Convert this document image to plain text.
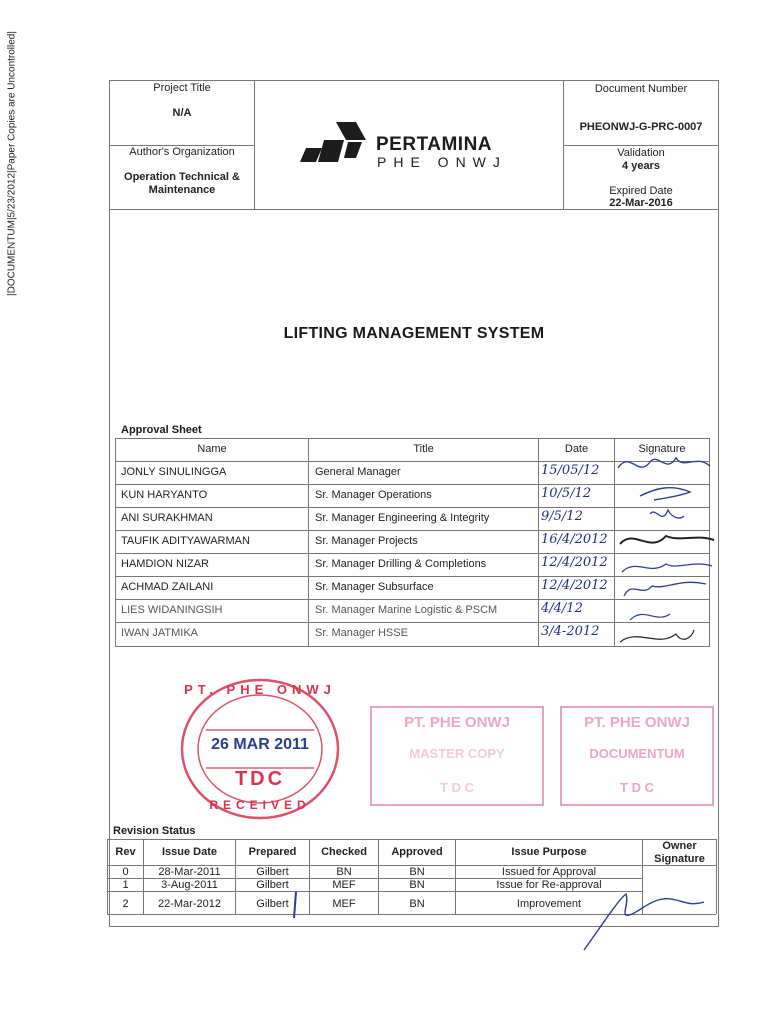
|DOCUMENTUM|5/23/2012|Paper Copies are Uncontrolled|	Project Title
N/A
Author's Organization
Operation Technical &
Maintenance
PERTAMINA
PHE ONWJ
Document Number
PHEONWJ-G-PRC-0007
Validation
4 years
Expired Date
22-Mar-2016
LIFTING MANAGEMENT SYSTEM
Approval Sheet
Name	Title	Date	Signature
JONLY SINULINGGA	General Manager	15/05/12
KUN HARYANTO	Sr. Manager Operations	10/5/12
ANI SURAKHMAN	Sr. Manager Engineering & Integrity	9/5/12
TAUFIK ADITYAWARMAN	Sr. Manager Projects	16/4/2012
HAMDION NIZAR	Sr. Manager Drilling & Completions	12/4/2012
ACHMAD ZAILANI	Sr. Manager Subsurface	12/4/2012
LIES WIDANINGSIH	Sr. Manager Marine Logistic & PSCM	4/4/12
IWAN JATMIKA	Sr. Manager HSSE	3/4-2012
PT. PHE ONWJ
26 MAR 2011
TDC
RECEIVED
PT. PHE ONWJ
MASTER COPY
T D C
PT. PHE ONWJ
DOCUMENTUM
T D C
Revision Status
Rev	Issue Date	Prepared	Checked	Approved	Issue Purpose	Owner Signature
0	28-Mar-2011	Gilbert	BN	BN	Issued for Approval
1	3-Aug-2011	Gilbert	MEF	BN	Issue for Re-approval
2	22-Mar-2012	Gilbert	MEF	BN	Improvement
